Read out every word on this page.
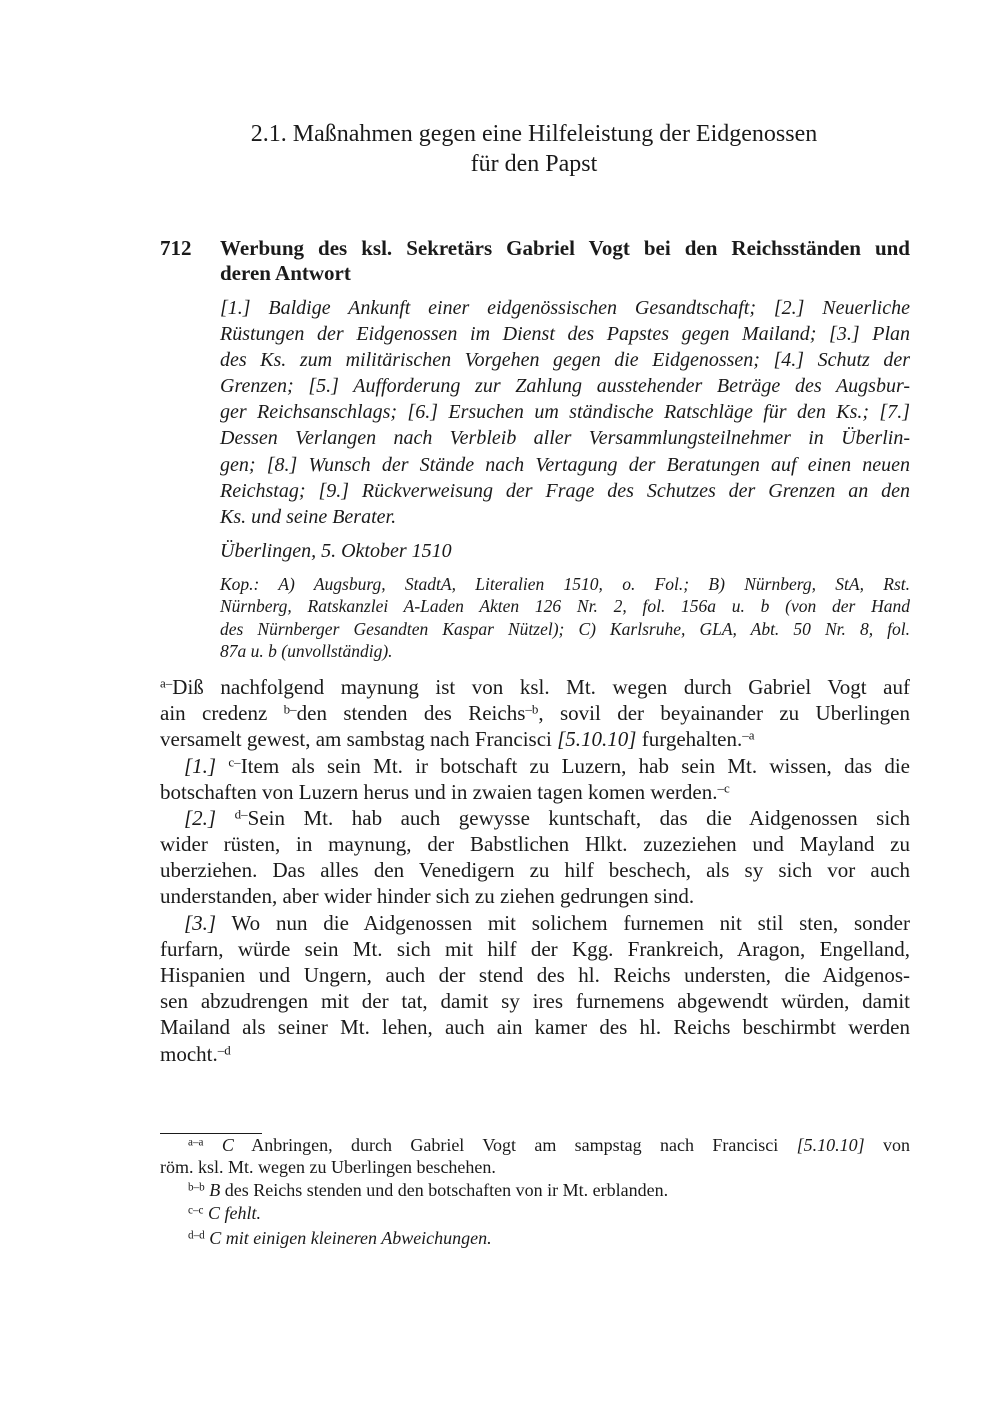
2.1. Maßnahmen gegen eine Hilfeleistung der Eidgenossen
für den Papst
712 Werbung des ksl. Sekretärs Gabriel Vogt bei den Reichsständen und
deren Antwort
[1.] Baldige Ankunft einer eidgenössischen Gesandtschaft; [2.] Neuerliche
Rüstungen der Eidgenossen im Dienst des Papstes gegen Mailand; [3.] Plan
des Ks. zum militärischen Vorgehen gegen die Eidgenossen; [4.] Schutz der
Grenzen; [5.] Aufforderung zur Zahlung ausstehender Beträge des Augsbur-
ger Reichsanschlags; [6.] Ersuchen um ständische Ratschläge für den Ks.; [7.]
Dessen Verlangen nach Verbleib aller Versammlungsteilnehmer in Überlin-
gen; [8.] Wunsch der Stände nach Vertagung der Beratungen auf einen neuen
Reichstag; [9.] Rückverweisung der Frage des Schutzes der Grenzen an den
Ks. und seine Berater.
Überlingen, 5. Oktober 1510
Kop.: A) Augsburg, StadtA, Literalien 1510, o. Fol.; B) Nürnberg, StA, Rst.
Nürnberg, Ratskanzlei A-Laden Akten 126 Nr. 2, fol. 156a u. b (von der Hand
des Nürnberger Gesandten Kaspar Nützel); C) Karlsruhe, GLA, Abt. 50 Nr. 8, fol.
87a u. b (unvollständig).
$^{a-}$Diß nachfolgend maynung ist von ksl. Mt. wegen durch Gabriel Vogt auf
ain credenz $^{b-}$den stenden des Reichs$^{-b}$, sovil der beyainander zu Uberlingen
versamelt gewest, am sambstag nach Francisci [5.10.10] furgehalten.$^{-a}$
[1.] $^{c-}$Item als sein Mt. ir botschaft zu Luzern, hab sein Mt. wissen, das die
botschaften von Luzern herus und in zwaien tagen komen werden.$^{-c}$
[2.] $^{d-}$Sein Mt. hab auch gewysse kuntschaft, das die Aidgenossen sich
wider rüsten, in maynung, der Babstlichen Hlkt. zuzeziehen und Mayland zu
uberziehen. Das alles den Venedigern zu hilf beschech, als sy sich vor auch
understanden, aber wider hinder sich zu ziehen gedrungen sind.
[3.] Wo nun die Aidgenossen mit solichem furnemen nit stil sten, sonder
furfarn, würde sein Mt. sich mit hilf der Kgg. Frankreich, Aragon, Engelland,
Hispanien und Ungern, auch der stend des hl. Reichs understen, die Aidgenos-
sen abzudrengen mit der tat, damit sy ires furnemens abgewendt würden, damit
Mailand als seiner Mt. lehen, auch ain kamer des hl. Reichs beschirmbt werden
mocht.$^{-d}$
$^{a-a}$ C Anbringen, durch Gabriel Vogt am sampstag nach Francisci [5.10.10] von
röm. ksl. Mt. wegen zu Uberlingen beschehen.
$^{b-b}$ B des Reichs stenden und den botschaften von ir Mt. erblanden.
$^{c-c}$ C fehlt.
$^{d-d}$ C mit einigen kleineren Abweichungen.
